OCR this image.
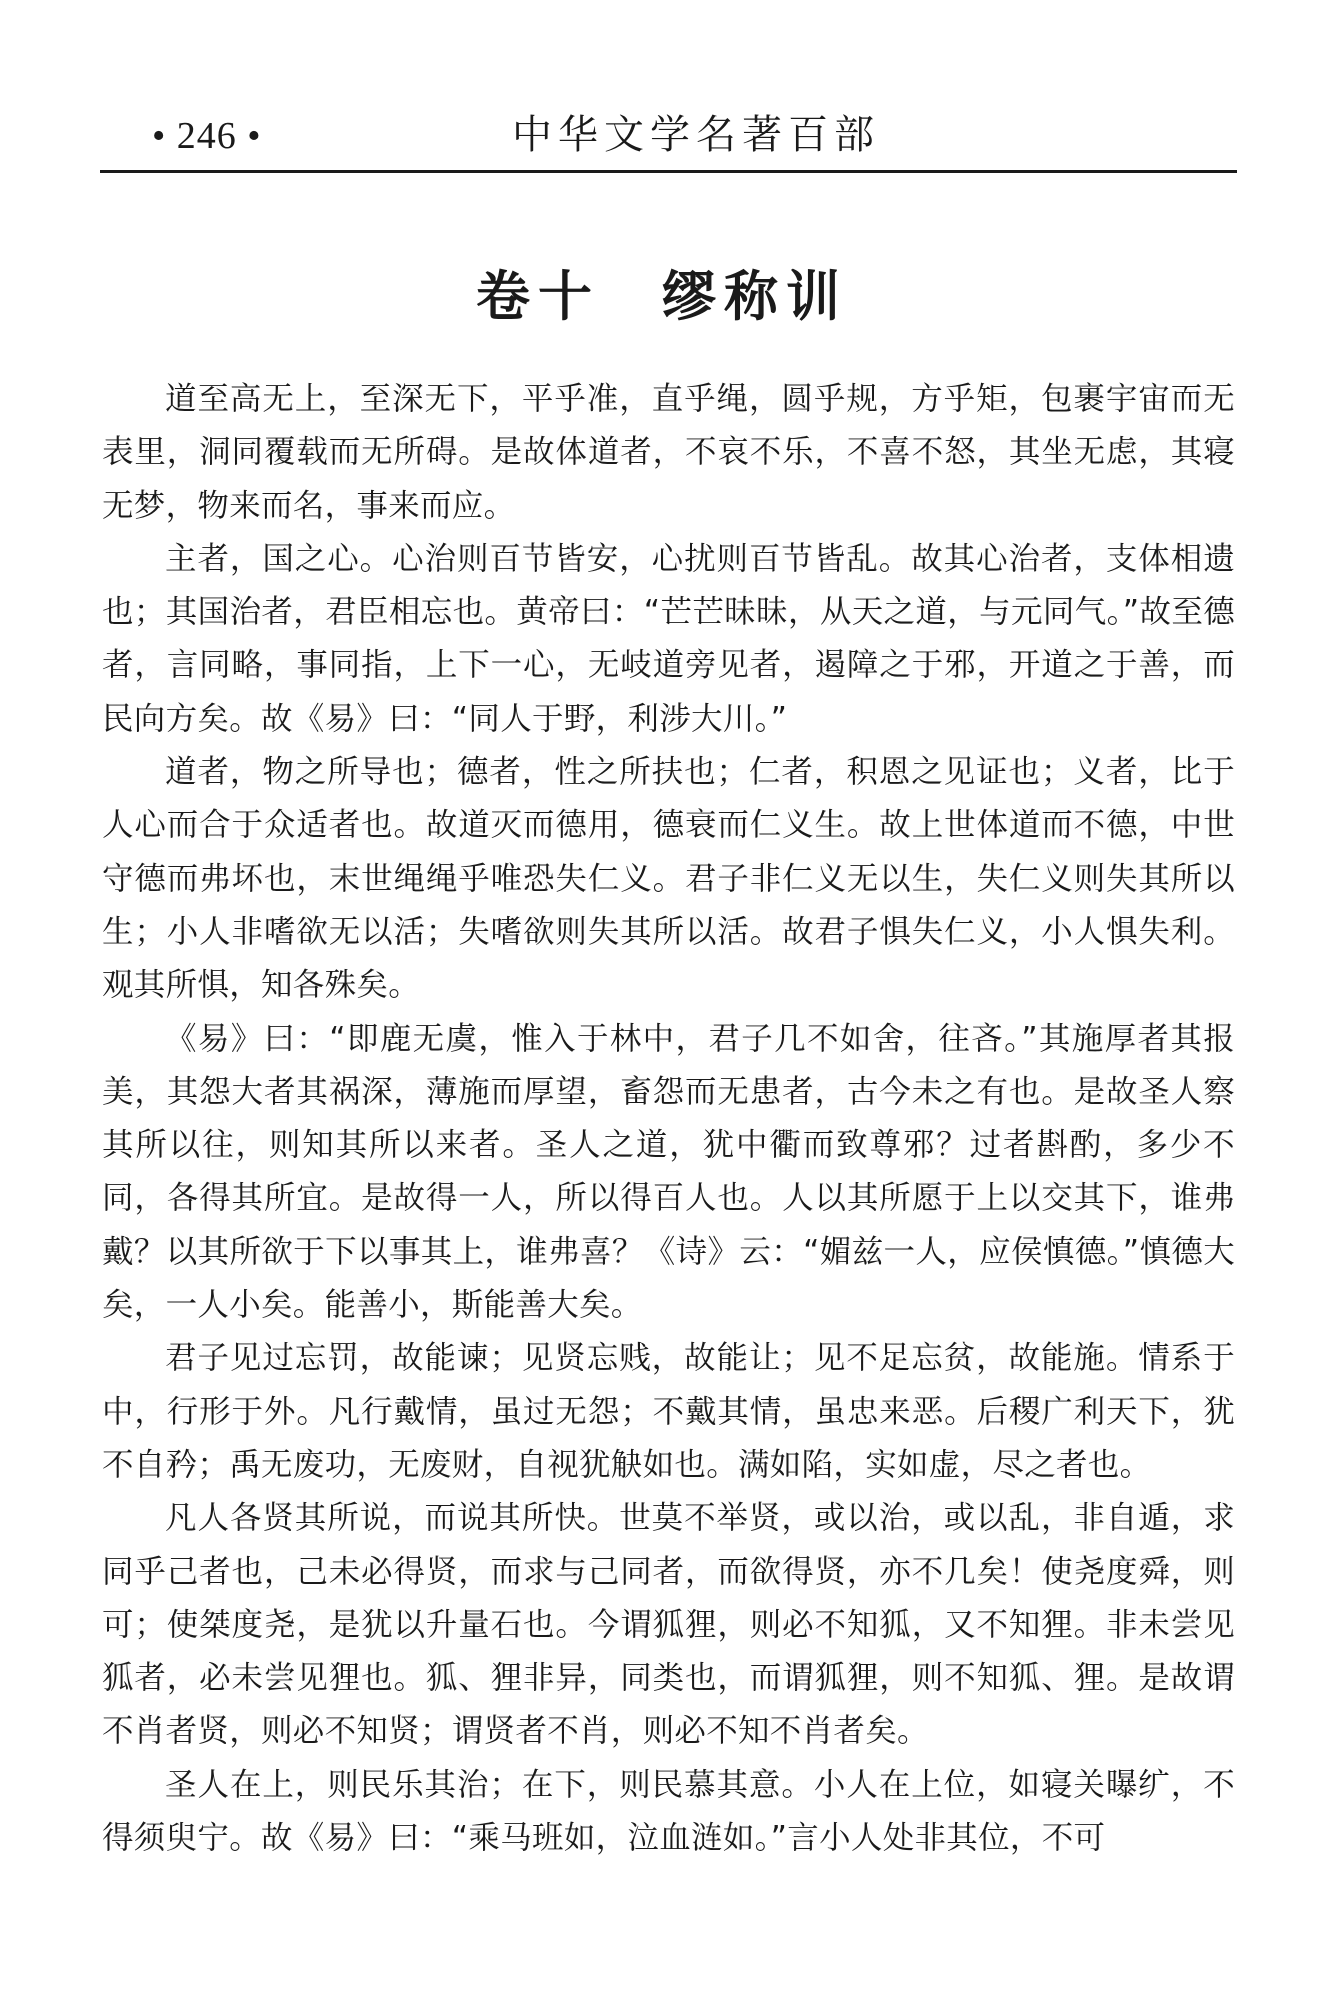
• 246 •	中华文学名著百部
卷十　缪称训

道至高无上，至深无下，平乎准，直乎绳，圆乎规，方乎矩，包裹宇宙而无表里，洞同覆载而无所碍。是故体道者，不哀不乐，不喜不怒，其坐无虑，其寝无梦，物来而名，事来而应。

主者，国之心。心治则百节皆安，心扰则百节皆乱。故其心治者，支体相遗也；其国治者，君臣相忘也。黄帝曰：“芒芒昧昧，从天之道，与元同气。”故至德者，言同略，事同指，上下一心，无岐道旁见者，遏障之于邪，开道之于善，而民向方矣。故《易》曰：“同人于野，利涉大川。”

道者，物之所导也；德者，性之所扶也；仁者，积恩之见证也；义者，比于人心而合于众适者也。故道灭而德用，德衰而仁义生。故上世体道而不德，中世守德而弗坏也，末世绳绳乎唯恐失仁义。君子非仁义无以生，失仁义则失其所以生；小人非嗜欲无以活；失嗜欲则失其所以活。故君子惧失仁义，小人惧失利。观其所惧，知各殊矣。

《易》曰：“即鹿无虞，惟入于林中，君子几不如舍，往吝。”其施厚者其报美，其怨大者其祸深，薄施而厚望，畜怨而无患者，古今未之有也。是故圣人察其所以往，则知其所以来者。圣人之道，犹中衢而致尊邪？过者斟酌，多少不同，各得其所宜。是故得一人，所以得百人也。人以其所愿于上以交其下，谁弗戴？以其所欲于下以事其上，谁弗喜？《诗》云：“媚兹一人，应侯慎德。”慎德大矣，一人小矣。能善小，斯能善大矣。

君子见过忘罚，故能谏；见贤忘贱，故能让；见不足忘贫，故能施。情系于中，行形于外。凡行戴情，虽过无怨；不戴其情，虽忠来恶。后稷广利天下，犹不自矜；禹无废功，无废财，自视犹觖如也。满如陷，实如虚，尽之者也。

凡人各贤其所说，而说其所快。世莫不举贤，或以治，或以乱，非自遁，求同乎己者也，己未必得贤，而求与己同者，而欲得贤，亦不几矣！使尧度舜，则可；使桀度尧，是犹以升量石也。今谓狐狸，则必不知狐，又不知狸。非未尝见狐者，必未尝见狸也。狐、狸非异，同类也，而谓狐狸，则不知狐、狸。是故谓不肖者贤，则必不知贤；谓贤者不肖，则必不知不肖者矣。

圣人在上，则民乐其治；在下，则民慕其意。小人在上位，如寝关曝纩，不得须臾宁。故《易》曰：“乘马班如，泣血涟如。”言小人处非其位，不可
